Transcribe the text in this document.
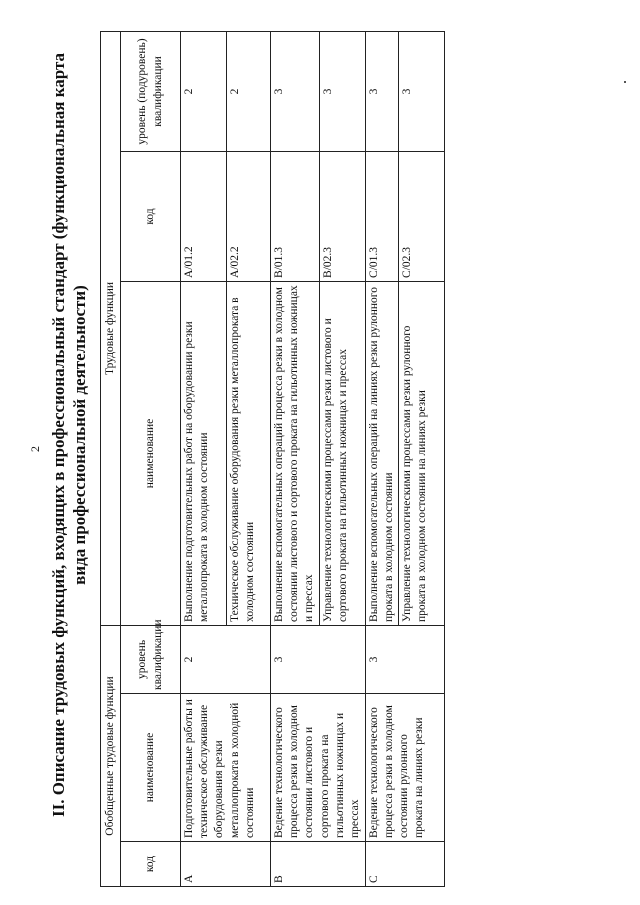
2 II. Описание трудовых функций, входящих в профессиональный стандарт (функциональная карта вида профессиональной деятельности)
Обобщенные трудовые функции			Трудовые функции		
код	наименование	уровень квалификации	наименование	код	уровень (подуровень) квалификации
A	Подготовительные работы и техническое обслуживание оборудования резки металлопроката в холодной состоянии	2	Выполнение подготовительных работ на оборудовании резки металлопроката в холодном состоянии	A/01.2	2
			Техническое обслуживание оборудования резки металлопроката в холодном состоянии	A/02.2	2
B	Ведение технологического процесса резки в холодном состоянии листового и сортового проката на гильотинных ножницах и прессах	3	Выполнение вспомогательных операций процесса резки в холодном состоянии листового и сортового проката на гильотинных ножницах и прессах	B/01.3	3
			Управление технологическими процессами резки листового и сортового проката на гильотинных ножницах и прессах	B/02.3	3
C	Ведение технологического процесса резки в холодном состоянии рулонного проката на линиях резки	3	Выполнение вспомогательных операций на линиях резки рулонного проката в холодном состоянии	C/01.3	3
			Управление технологическими процессами резки рулонного проката в холодном состоянии на линиях резки	C/02.3	3
